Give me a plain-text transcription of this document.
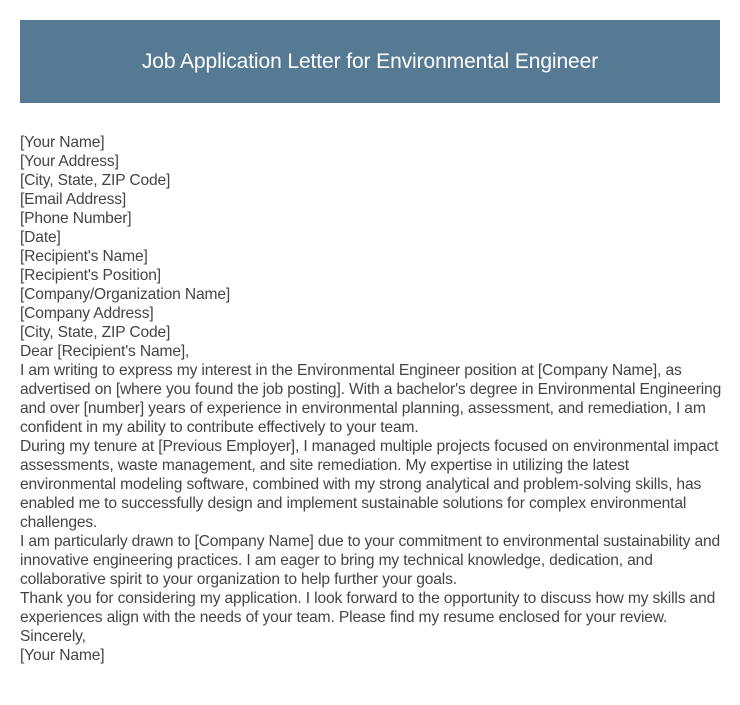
Job Application Letter for Environmental Engineer
[Your Name]
[Your Address]
[City, State, ZIP Code]
[Email Address]
[Phone Number]
[Date]
[Recipient's Name]
[Recipient's Position]
[Company/Organization Name]
[Company Address]
[City, State, ZIP Code]
Dear [Recipient's Name],

I am writing to express my interest in the Environmental Engineer position at [Company Name], as advertised on [where you found the job posting]. With a bachelor's degree in Environmental Engineering and over [number] years of experience in environmental planning, assessment, and remediation, I am confident in my ability to contribute effectively to your team.

During my tenure at [Previous Employer], I managed multiple projects focused on environmental impact assessments, waste management, and site remediation. My expertise in utilizing the latest environmental modeling software, combined with my strong analytical and problem-solving skills, has enabled me to successfully design and implement sustainable solutions for complex environmental challenges.

I am particularly drawn to [Company Name] due to your commitment to environmental sustainability and innovative engineering practices. I am eager to bring my technical knowledge, dedication, and collaborative spirit to your organization to help further your goals.

Thank you for considering my application. I look forward to the opportunity to discuss how my skills and experiences align with the needs of your team. Please find my resume enclosed for your review.

Sincerely,
[Your Name]
